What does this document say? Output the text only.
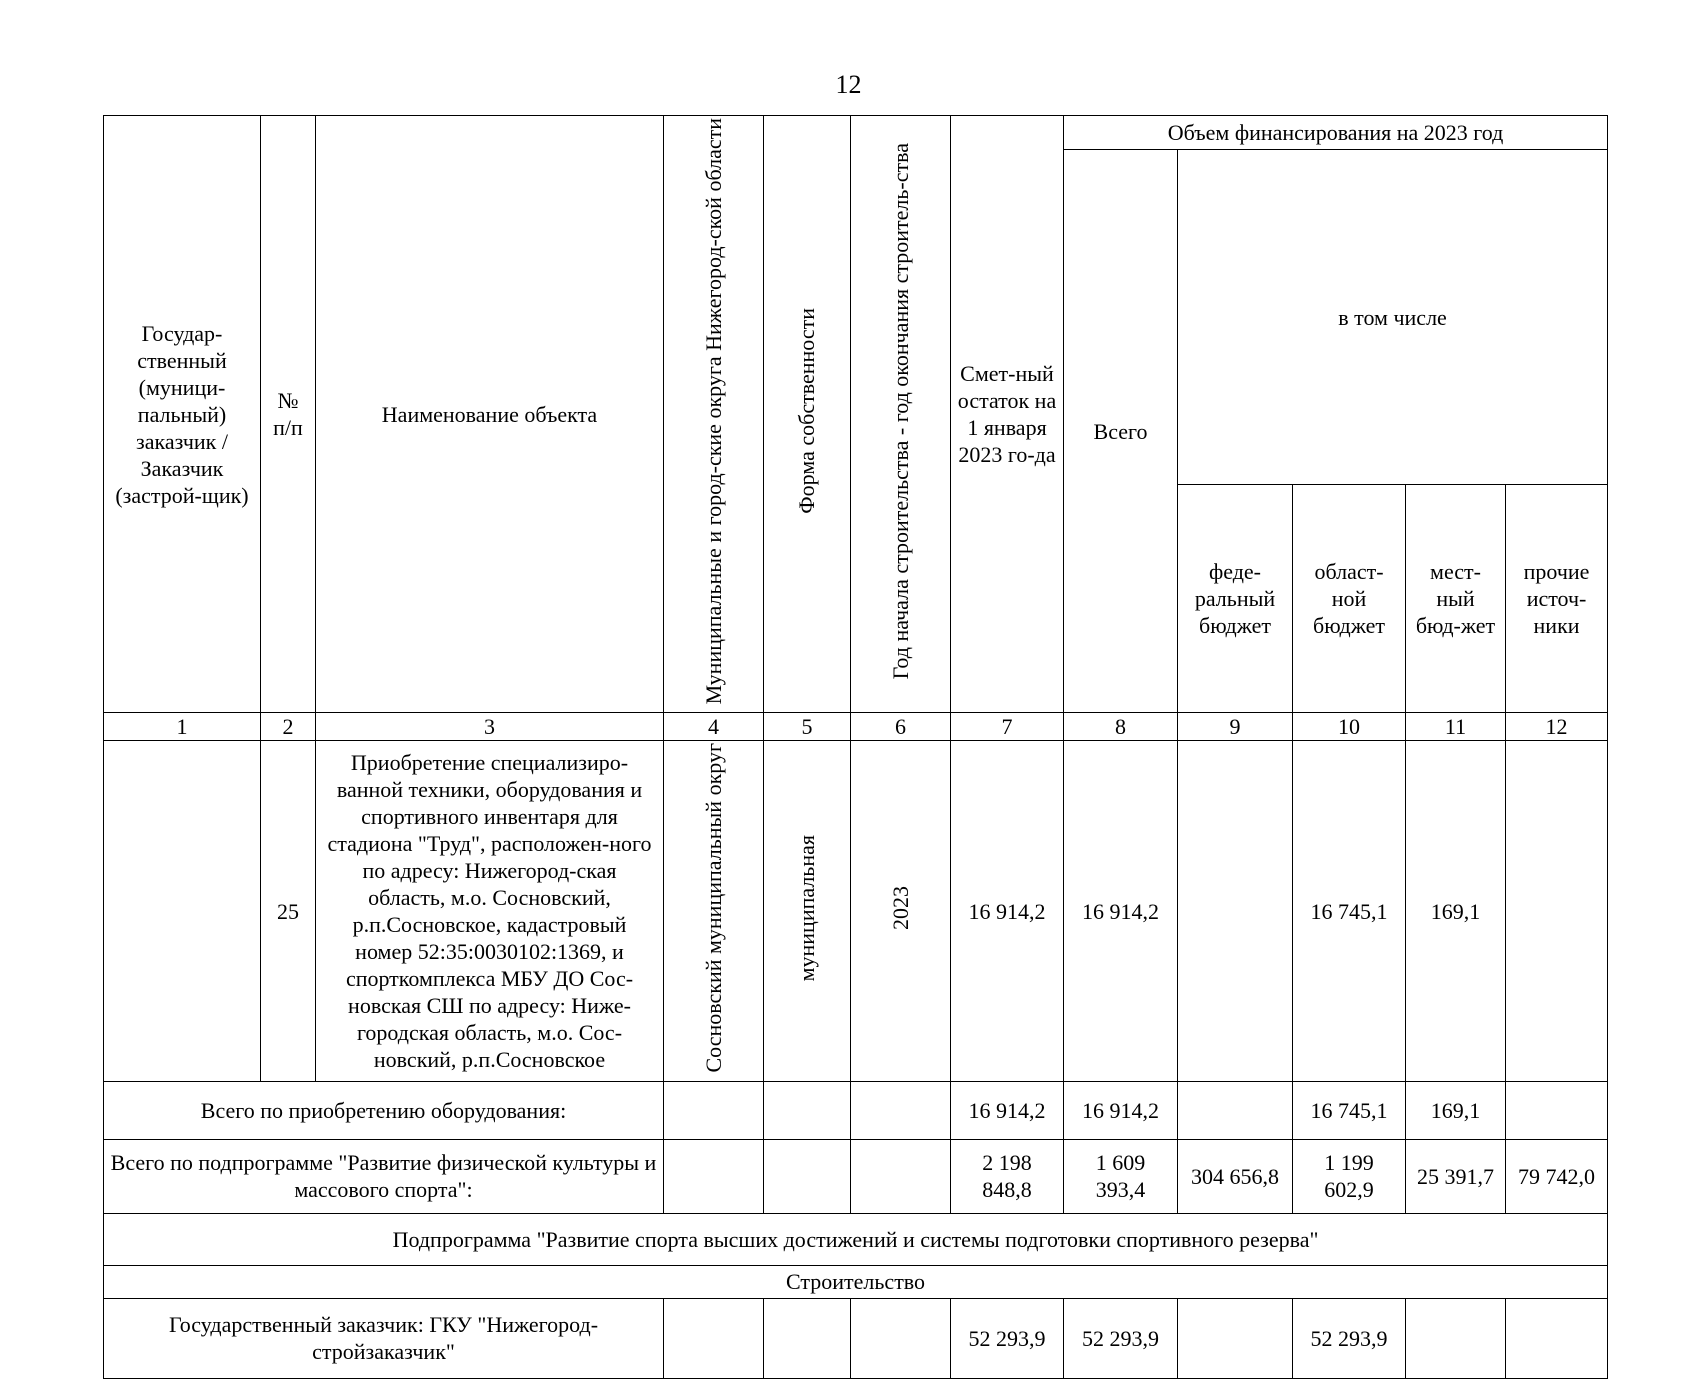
12
Государ-ственный (муници-пальный) заказчик / Заказчик (застрой-щик)	№ п/п	Наименование объекта	Муниципальные и город-ские округа Нижегород-ской области	Форма собственности	Год начала строительства - год окончания строитель-ства	Смет-ный остаток на 1 января 2023 го-да	Объем финансирования на 2023 год				
							Всего	в том числе			
								феде-ральный бюджет	област-ной бюджет	мест-ный бюд-жет	прочие источ-ники
1	2	3	4	5	6	7	8	9	10	11	12
	25	Приобретение специализиро-ванной техники, оборудования и спортивного инвентаря для стадиона "Труд", расположен-ного по адресу: Нижегород-ская область, м.о. Сосновский, р.п.Сосновское, кадастровый номер 52:35:0030102:1369, и спорткомплекса МБУ ДО Сос-новская СШ по адресу: Ниже-городская область, м.о. Сос-новский, р.п.Сосновское	Сосновский муниципальный округ	муниципальная	2023	16 914,2	16 914,2		16 745,1	169,1	
Всего по приобретению оборудования:						16 914,2	16 914,2		16 745,1	169,1	
Всего по подпрограмме "Развитие физической культуры и массового спорта":						2 198 848,8	1 609 393,4	304 656,8	1 199 602,9	25 391,7	79 742,0
Подпрограмма "Развитие спорта высших достижений и системы подготовки спортивного резерва"											
Строительство											
Государственный заказчик: ГКУ "Нижегород-стройзаказчик"						52 293,9	52 293,9		52 293,9		
